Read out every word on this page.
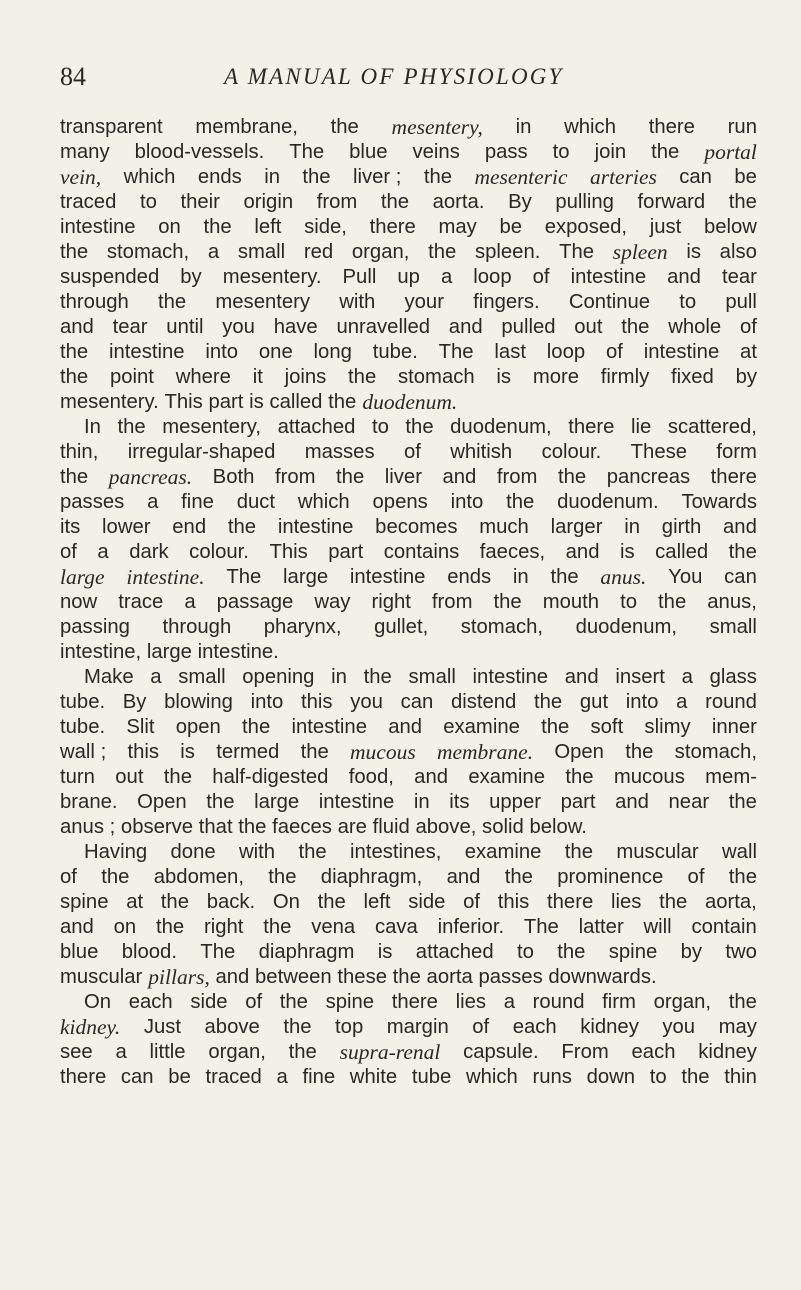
84	A MANUAL OF PHYSIOLOGY
transparent membrane, the mesentery, in which there run
many blood-vessels. The blue veins pass to join the portal
vein, which ends in the liver ; the mesenteric arteries can be
traced to their origin from the aorta. By pulling forward the
intestine on the left side, there may be exposed, just below
the stomach, a small red organ, the spleen. The spleen is also
suspended by mesentery. Pull up a loop of intestine and tear
through the mesentery with your fingers. Continue to pull
and tear until you have unravelled and pulled out the whole of
the intestine into one long tube. The last loop of intestine at
the point where it joins the stomach is more firmly fixed by
mesentery. This part is called the duodenum.
In the mesentery, attached to the duodenum, there lie scattered,
thin, irregular-shaped masses of whitish colour. These form
the pancreas. Both from the liver and from the pancreas there
passes a fine duct which opens into the duodenum. Towards
its lower end the intestine becomes much larger in girth and
of a dark colour. This part contains faeces, and is called the
large intestine. The large intestine ends in the anus. You can
now trace a passage way right from the mouth to the anus,
passing through pharynx, gullet, stomach, duodenum, small
intestine, large intestine.
Make a small opening in the small intestine and insert a glass
tube. By blowing into this you can distend the gut into a round
tube. Slit open the intestine and examine the soft slimy inner
wall ; this is termed the mucous membrane. Open the stomach,
turn out the half-digested food, and examine the mucous mem-
brane. Open the large intestine in its upper part and near the
anus ; observe that the faeces are fluid above, solid below.
Having done with the intestines, examine the muscular wall
of the abdomen, the diaphragm, and the prominence of the
spine at the back. On the left side of this there lies the aorta,
and on the right the vena cava inferior. The latter will contain
blue blood. The diaphragm is attached to the spine by two
muscular pillars, and between these the aorta passes downwards.
On each side of the spine there lies a round firm organ, the
kidney. Just above the top margin of each kidney you may
see a little organ, the supra-renal capsule. From each kidney
there can be traced a fine white tube which runs down to the thin
